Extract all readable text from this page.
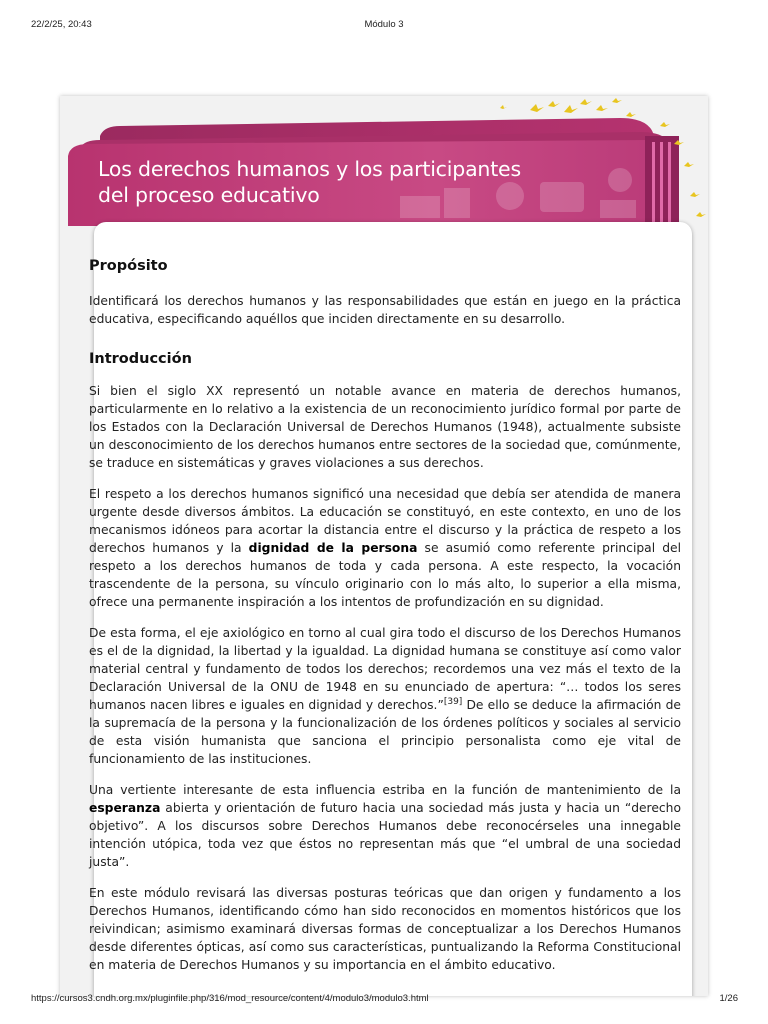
22/2/25, 20:43	Módulo 3
Los derechos humanos y los participantes
del proceso educativo
Propósito

Identificará los derechos humanos y las responsabilidades que están en juego en la práctica educativa, especificando aquéllos que inciden directamente en su desarrollo.

Introducción

Si bien el siglo XX representó un notable avance en materia de derechos humanos, particularmente en lo relativo a la existencia de un reconocimiento jurídico formal por parte de los Estados con la Declaración Universal de Derechos Humanos (1948), actualmente subsiste un desconocimiento de los derechos humanos entre sectores de la sociedad que, comúnmente, se traduce en sistemáticas y graves violaciones a sus derechos.

El respeto a los derechos humanos significó una necesidad que debía ser atendida de manera urgente desde diversos ámbitos. La educación se constituyó, en este contexto, en uno de los mecanismos idóneos para acortar la distancia entre el discurso y la práctica de respeto a los derechos humanos y la dignidad de la persona se asumió como referente principal del respeto a los derechos humanos de toda y cada persona. A este respecto, la vocación trascendente de la persona, su vínculo originario con lo más alto, lo superior a ella misma, ofrece una permanente inspiración a los intentos de profundización en su dignidad.

De esta forma, el eje axiológico en torno al cual gira todo el discurso de los Derechos Humanos es el de la dignidad, la libertad y la igualdad. La dignidad humana se constituye así como valor material central y fundamento de todos los derechos; recordemos una vez más el texto de la Declaración Universal de la ONU de 1948 en su enunciado de apertura: “… todos los seres humanos nacen libres e iguales en dignidad y derechos.”[39] De ello se deduce la afirmación de la supremacía de la persona y la funcionalización de los órdenes políticos y sociales al servicio de esta visión humanista que sanciona el principio personalista como eje vital de funcionamiento de las instituciones.

Una vertiente interesante de esta influencia estriba en la función de mantenimiento de la esperanza abierta y orientación de futuro hacia una sociedad más justa y hacia un “derecho objetivo”. A los discursos sobre Derechos Humanos debe reconocérseles una innegable intención utópica, toda vez que éstos no representan más que “el umbral de una sociedad justa”.

En este módulo revisará las diversas posturas teóricas que dan origen y fundamento a los Derechos Humanos, identificando cómo han sido reconocidos en momentos históricos que los reivindican; asimismo examinará diversas formas de conceptualizar a los Derechos Humanos desde diferentes ópticas, así como sus características, puntualizando la Reforma Constitucional en materia de Derechos Humanos y su importancia en el ámbito educativo.

https://cursos3.cndh.org.mx/pluginfile.php/316/mod_resource/content/4/modulo3/modulo3.html	1/26
